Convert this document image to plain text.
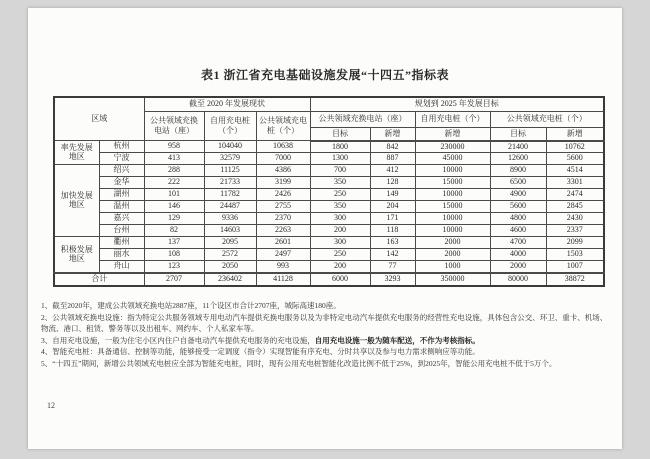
表1 浙江省充电基础设施发展“十四五”指标表
区域		截至 2020 年发展现状			规划到 2025 年发展目标				
		公共领域充换电站（座）	自用充电桩（个）	公共领域充电桩（个）	公共领域充换电站（座）		自用充电桩（个）	公共领域充电桩（个）	
					目标	新增	新增	目标	新增
率先发展地区	杭州	958	104040	10638	1800	842	230000	21400	10762
	宁波	413	32579	7000	1300	887	45000	12600	5600
加快发展地区	绍兴	288	11125	4386	700	412	10000	8900	4514
	金华	222	21733	3199	350	128	15000	6500	3301
	湖州	101	11782	2426	250	149	10000	4900	2474
	温州	146	24487	2755	350	204	15000	5600	2845
	嘉兴	129	9336	2370	300	171	10000	4800	2430
	台州	82	14603	2263	200	118	10000	4600	2337
积极发展地区	衢州	137	2095	2601	300	163	2000	4700	2099
	丽水	108	2572	2497	250	142	2000	4000	1503
	舟山	123	2050	993	200	77	1000	2000	1007
合计		2707	236402	41128	6000	3293	350000	80000	38872

1、截至2020年，建成公共领域充换电站2887座，11个设区市合计2707座，城际高速180座。

2、公共领域充换电设施：指为特定公共服务领域专用电动汽车提供充换电服务以及为非特定电动汽车提供充电服务的经营性充电设施，具体包含公交、环卫、重卡、机场、物流、港口、租赁、警务等以及出租车、网约车、个人私家车等。

3、自用充电设施，一般为住宅小区内住户自备电动汽车提供充电服务的充电设施，自用充电设施一般为随车配送，不作为考核指标。

4、智能充电桩：具备通信、控制等功能，能够接受一定调度（指令）实现智能有序充电、分时共享以及参与电力需求侧响应等功能。

5、“十四五”期间，新增公共领域充电桩应全部为智能充电桩，同时，现有公用充电桩智能化改造比例不低于25%，到2025年，智能公用充电桩不低于5万个。

12
